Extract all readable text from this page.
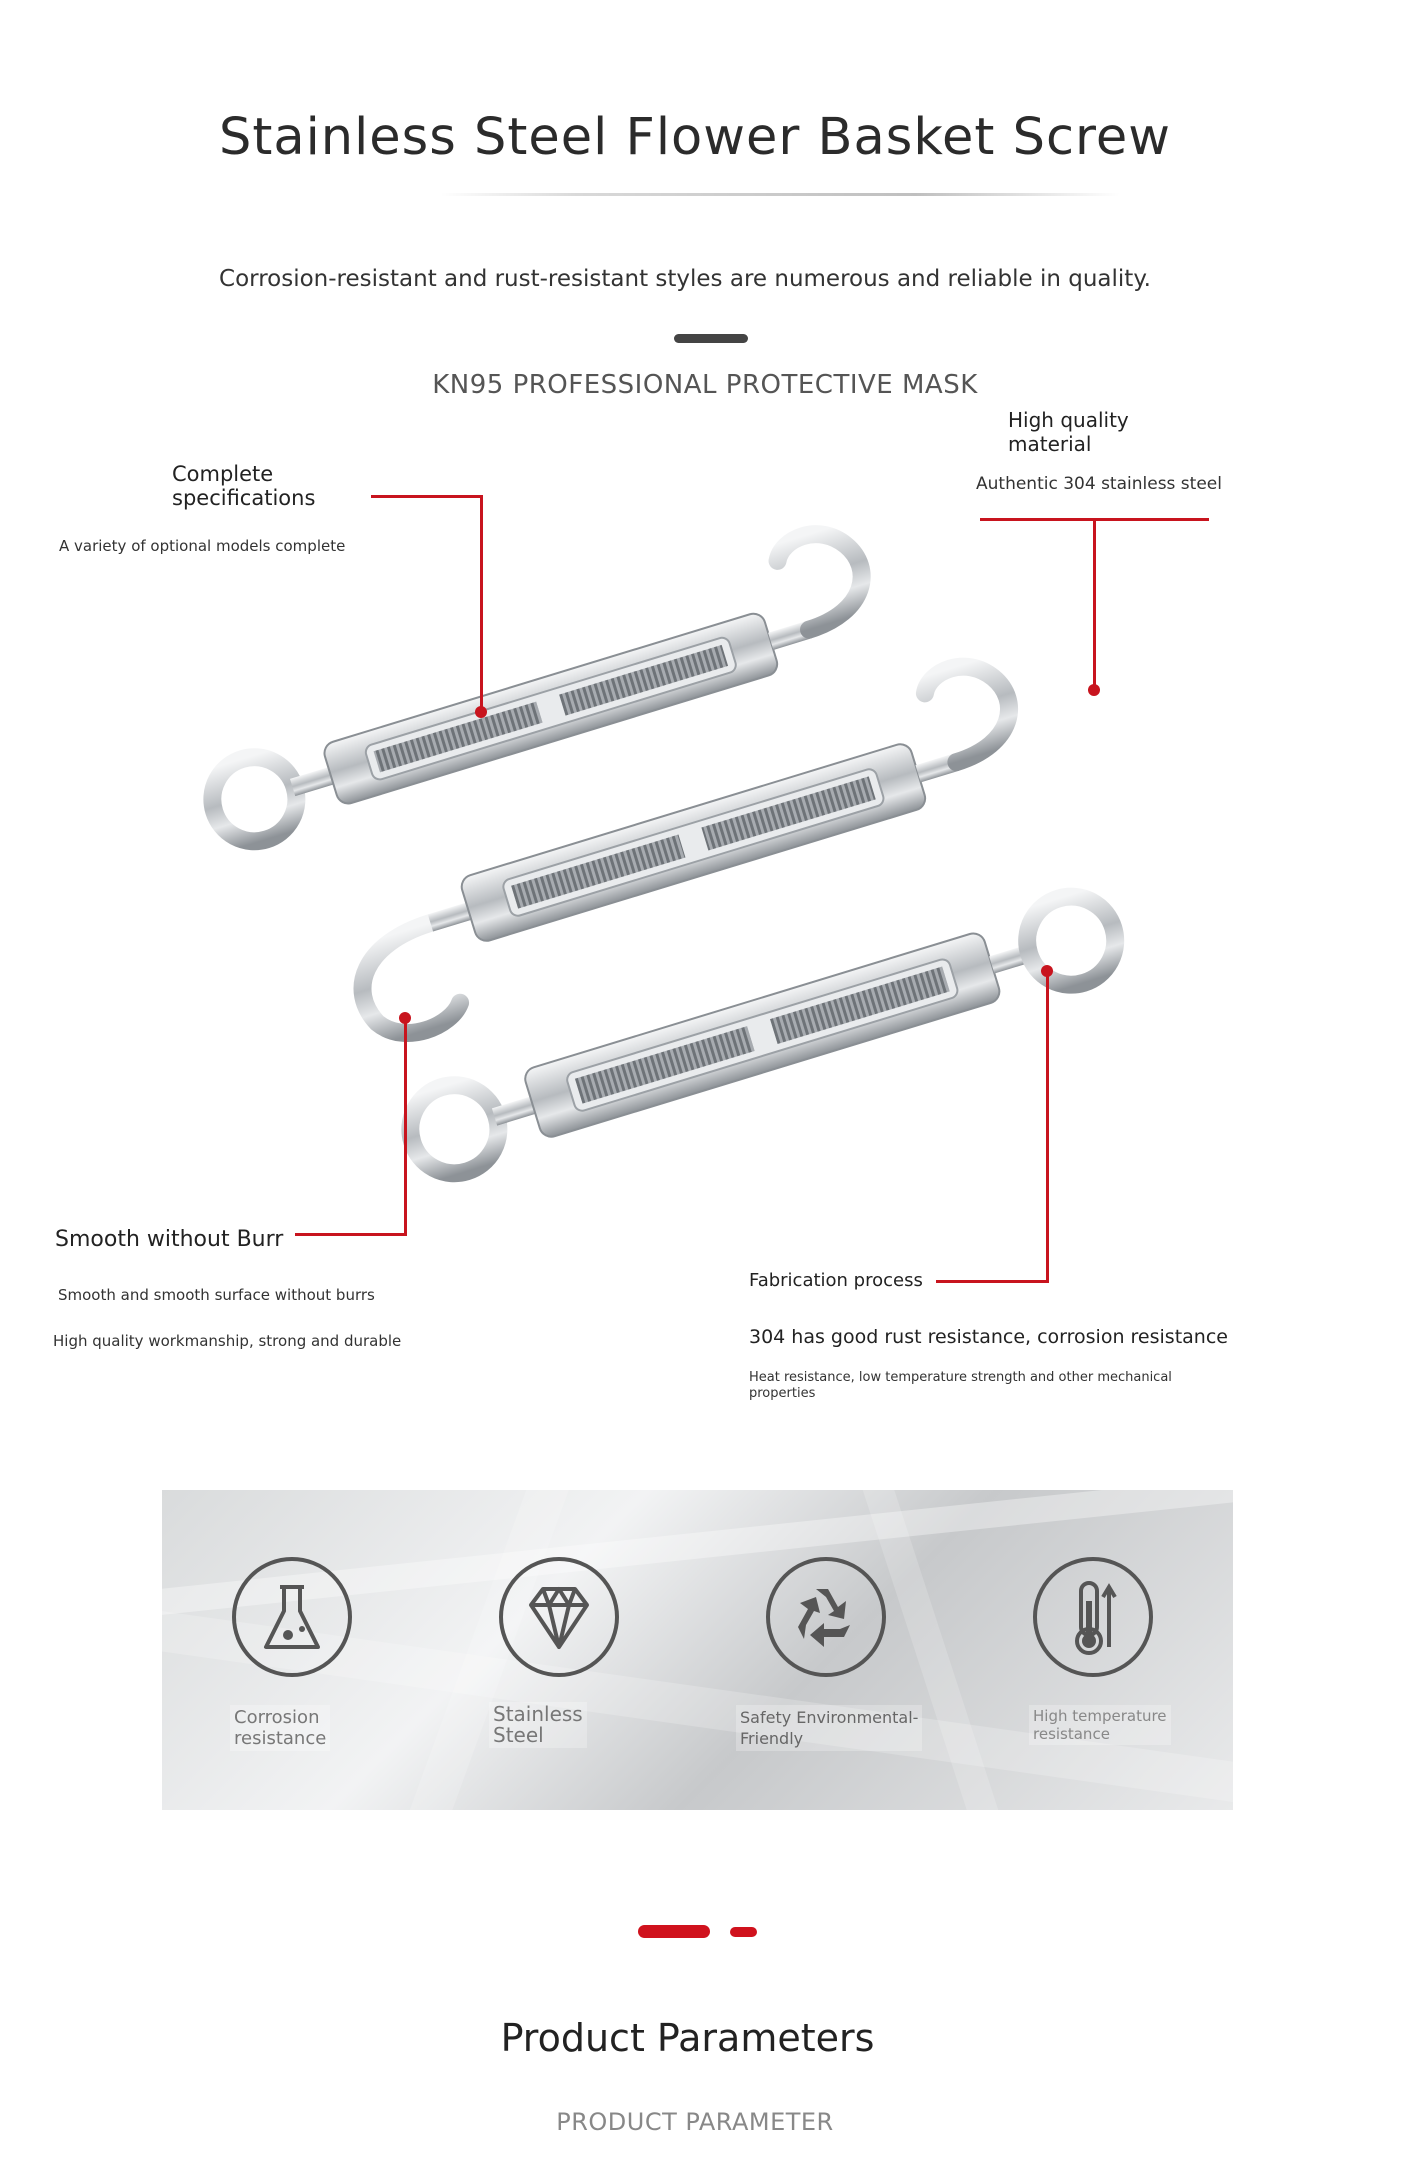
Stainless Steel Flower Basket Screw
Corrosion-resistant and rust-resistant styles are numerous and reliable in quality.
KN95 PROFESSIONAL PROTECTIVE MASK
Complete
specifications
A variety of optional models complete
High quality
material
Authentic 304 stainless steel
Smooth without Burr
Smooth and smooth surface without burrs
High quality workmanship, strong and durable
Fabrication process
304 has good rust resistance, corrosion resistance
Heat resistance, low temperature strength and other mechanical properties
Corrosion
resistance
Stainless
Steel
Safety Environmental-
Friendly
High temperature
resistance
Product Parameters
PRODUCT PARAMETER
